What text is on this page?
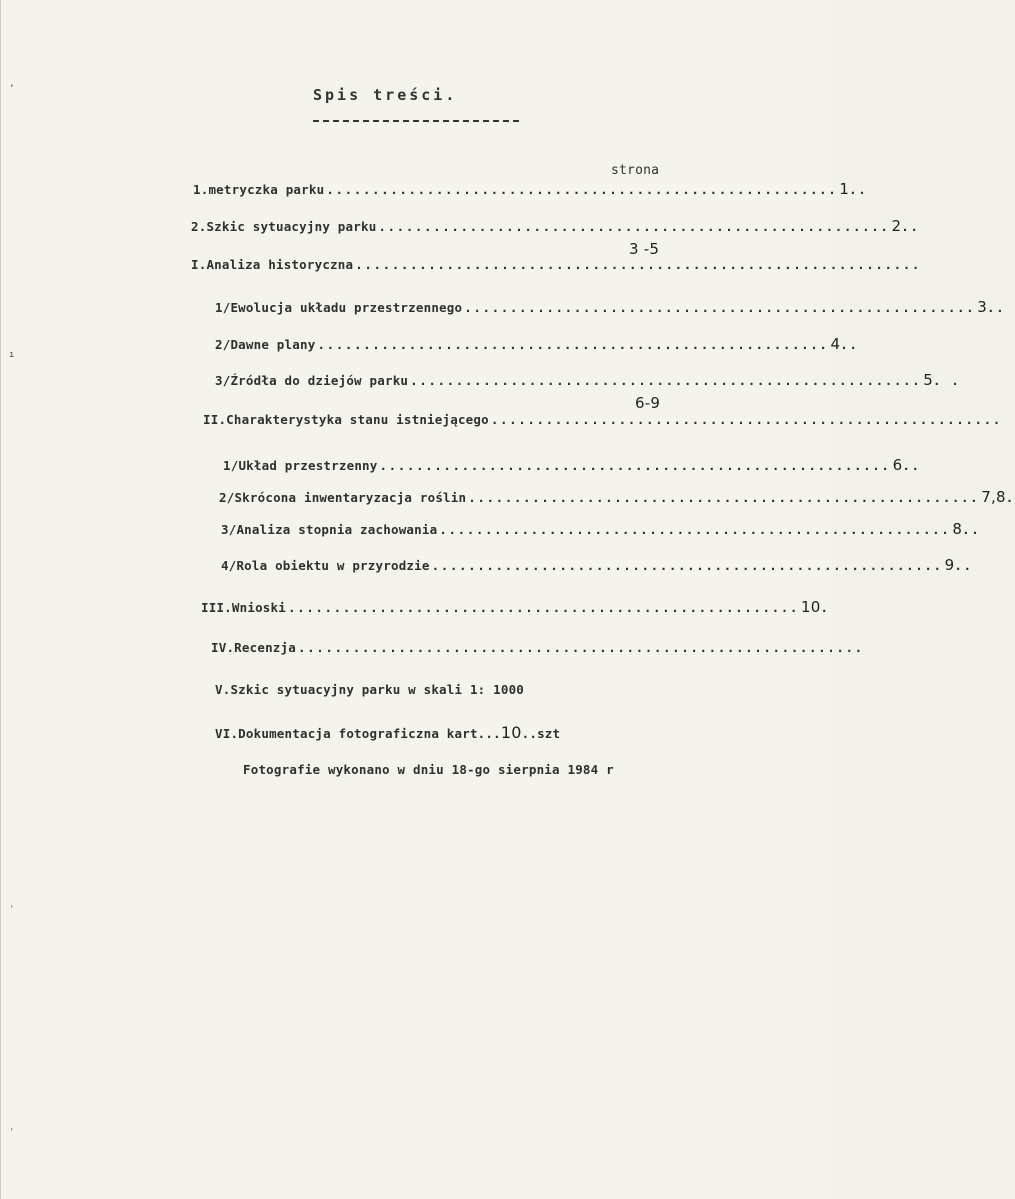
ʼ
ı
ʾ
ʾ
Spis treści.
strona
1.metryczka parku ........................................................ 1 ..
2.Szkic sytuacyjny parku ........................................................ 2 ..
3 -5
I.Analiza historyczna ..............................................................
1/Ewolucja układu przestrzennego ........................................................ 3 ..
2/Dawne plany ........................................................ 4 ..
3/Źródła do dziejów parku ........................................................ 5 . .
6-9
II.Charakterystyka stanu istniejącego ........................................................
1/Układ przestrzenny ........................................................ 6 ..
2/Skrócona inwentaryzacja roślin ........................................................ 7,8 .
3/Analiza stopnia zachowania ........................................................ 8 ..
4/Rola obiektu w przyrodzie ........................................................ 9 ..
III.Wnioski ........................................................ 10 .
IV.Recenzja ..............................................................
V.Szkic sytuacyjny parku w skali 1: 1000
VI.Dokumentacja fotograficzna kart...10..szt
Fotografie wykonano w dniu 18-go sierpnia 1984 r
